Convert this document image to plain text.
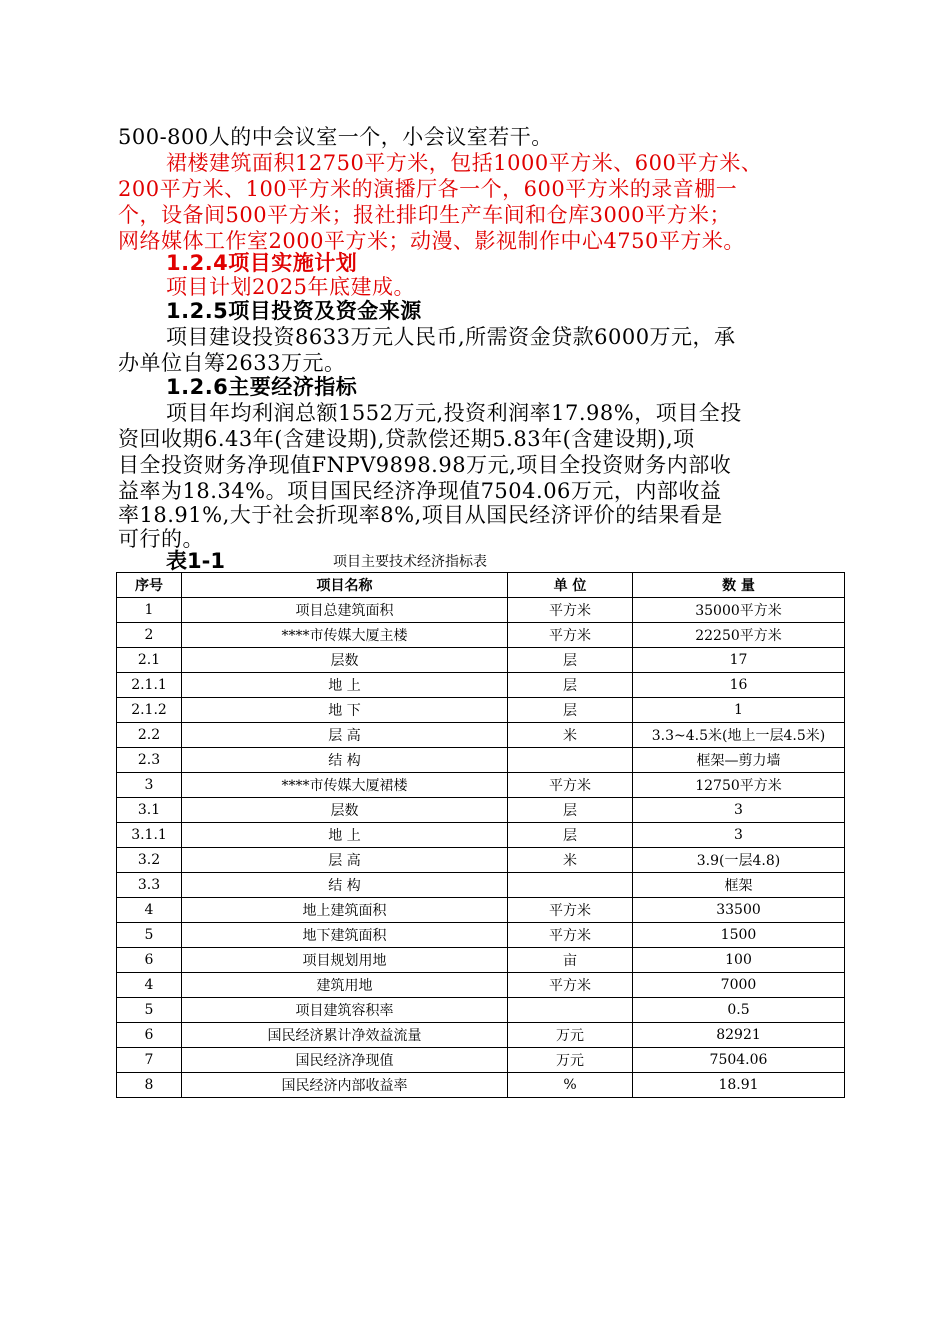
500-800人的中会议室一个，小会议室若干。
裙楼建筑面积12750平方米，包括1000平方米、600平方米、
200平方米、100平方米的演播厅各一个，600平方米的录音棚一
个，设备间500平方米；报社排印生产车间和仓库3000平方米；
网络媒体工作室2000平方米；动漫、影视制作中心4750平方米。
1.2.4项目实施计划
项目计划2025年底建成。
1.2.5项目投资及资金来源
项目建设投资8633万元人民币,所需资金贷款6000万元，承
办单位自筹2633万元。
1.2.6主要经济指标
项目年均利润总额1552万元,投资利润率17.98%，项目全投
资回收期6.43年(含建设期),贷款偿还期5.83年(含建设期),项
目全投资财务净现值FNPV9898.98万元,项目全投资财务内部收
益率为18.34%。项目国民经济净现值7504.06万元，内部收益
率18.91%,大于社会折现率8%,项目从国民经济评价的结果看是
可行的。
表1-1	项目主要技术经济指标表
序号	项目名称	单 位	数 量
1	项目总建筑面积	平方米	35000平方米
2	****市传媒大厦主楼	平方米	22250平方米
2.1	层数	层	17
2.1.1	地 上	层	16
2.1.2	地 下	层	1
2.2	层 高	米	3.3~4.5米(地上一层4.5米)
2.3	结 构		框架—剪力墙
3	****市传媒大厦裙楼	平方米	12750平方米
3.1	层数	层	3
3.1.1	地 上	层	3
3.2	层 高	米	3.9(一层4.8)
3.3	结 构		框架
4	地上建筑面积	平方米	33500
5	地下建筑面积	平方米	1500
6	项目规划用地	亩	100
4	建筑用地	平方米	7000
5	项目建筑容积率		0.5
6	国民经济累计净效益流量	万元	82921
7	国民经济净现值	万元	7504.06
8	国民经济内部收益率	%	18.91
